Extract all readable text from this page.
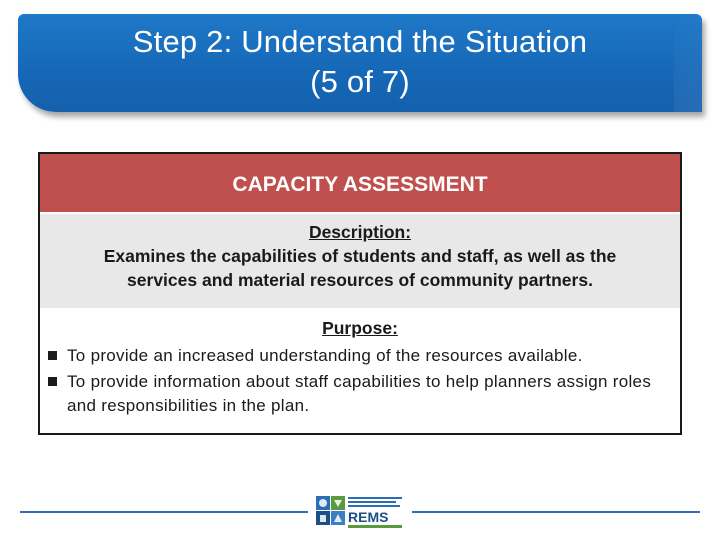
Step 2: Understand the Situation
(5 of 7)
CAPACITY ASSESSMENT
Description:
Examines the capabilities of students and staff, as well as the
services and material resources of community partners.
Purpose:
To provide an increased understanding of the resources available.
To provide information about staff capabilities to help planners assign roles and responsibilities in the plan.
REMS
